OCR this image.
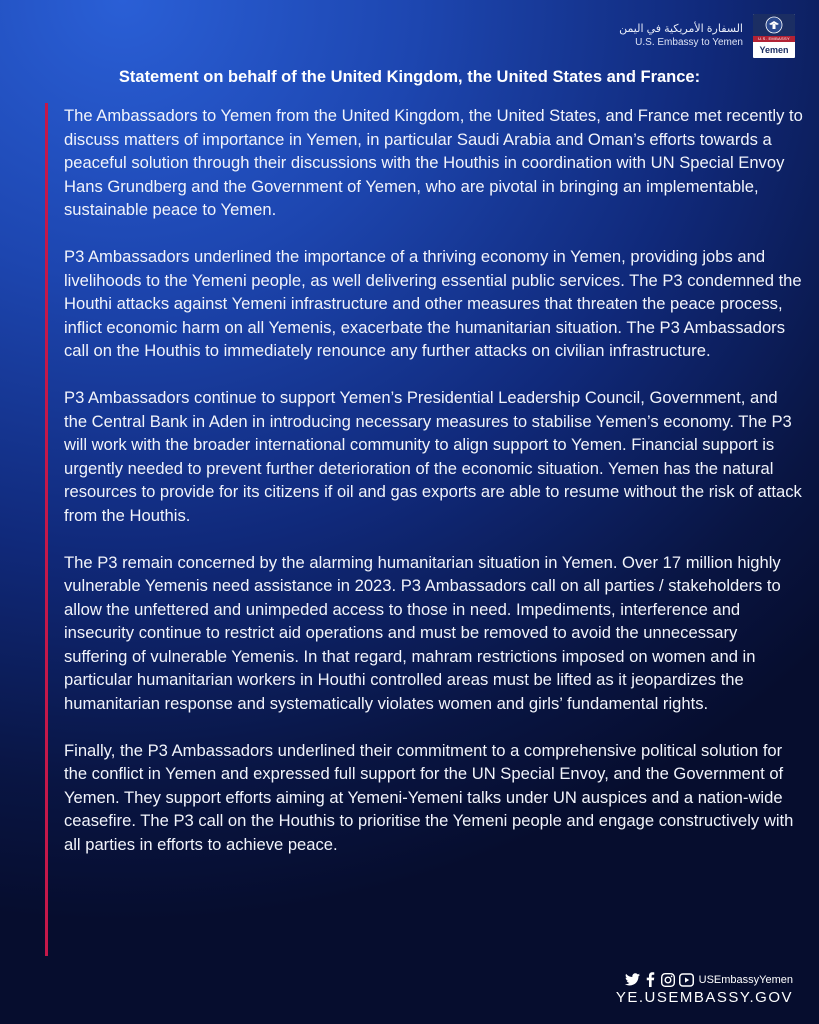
السفارة الأمريكية في اليمن
U.S. Embassy to Yemen	U.S. EMBASSY
Yemen
Statement on behalf of the United Kingdom, the United States and France:

The Ambassadors to Yemen from the United Kingdom, the United States, and France met recently to discuss matters of importance in Yemen, in particular Saudi Arabia and Oman’s efforts towards a peaceful solution through their discussions with the Houthis in coordination with UN Special Envoy Hans Grundberg and the Government of Yemen, who are pivotal in bringing an implementable, sustainable peace to Yemen.

P3 Ambassadors underlined the importance of a thriving economy in Yemen, providing jobs and livelihoods to the Yemeni people, as well delivering essential public services. The P3 condemned the Houthi attacks against Yemeni infrastructure and other measures that threaten the peace process, inflict economic harm on all Yemenis, exacerbate the humanitarian situation. The P3 Ambassadors call on the Houthis to immediately renounce any further attacks on civilian infrastructure.

P3 Ambassadors continue to support Yemen’s Presidential Leadership Council, Government, and the Central Bank in Aden in introducing necessary measures to stabilise Yemen’s economy. The P3 will work with the broader international community to align support to Yemen. Financial support is urgently needed to prevent further deterioration of the economic situation. Yemen has the natural resources to provide for its citizens if oil and gas exports are able to resume without the risk of attack from the Houthis.

The P3 remain concerned by the alarming humanitarian situation in Yemen. Over 17 million highly vulnerable Yemenis need assistance in 2023. P3 Ambassadors call on all parties / stakeholders to allow the unfettered and unimpeded access to those in need. Impediments, interference and insecurity continue to restrict aid operations and must be removed to avoid the unnecessary suffering of vulnerable Yemenis. In that regard, mahram restrictions imposed on women and in particular humanitarian workers in Houthi controlled areas must be lifted as it jeopardizes the humanitarian response and systematically violates women and girls’ fundamental rights.

Finally, the P3 Ambassadors underlined their commitment to a comprehensive political solution for the conflict in Yemen and expressed full support for the UN Special Envoy, and the Government of Yemen. They support efforts aiming at Yemeni-Yemeni talks under UN auspices and a nation-wide ceasefire. The P3 call on the Houthis to prioritise the Yemeni people and engage constructively with all parties in efforts to achieve peace.

USEmbassyYemen
YE.USEMBASSY.GOV
